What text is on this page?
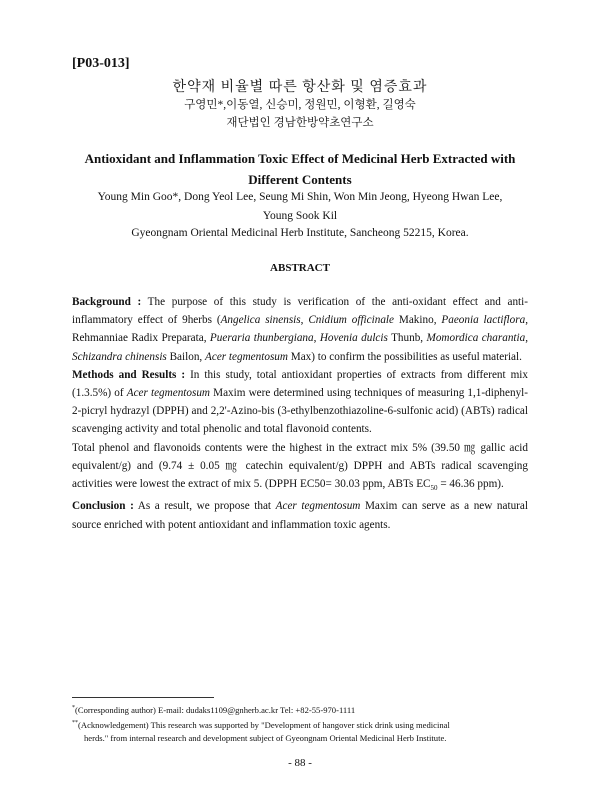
[P03-013]
한약재 비율별 따른 항산화 및 염증효과
구영민*,이동열, 신승미, 정원민, 이형환, 길영숙
재단법인 경남한방약초연구소
Antioxidant and Inflammation Toxic Effect of Medicinal Herb Extracted with
Different Contents
Young Min Goo*, Dong Yeol Lee, Seung Mi Shin, Won Min Jeong, Hyeong Hwan Lee,
Young Sook Kil
Gyeongnam Oriental Medicinal Herb Institute, Sancheong 52215, Korea.
ABSTRACT

Background : The purpose of this study is verification of the anti-oxidant effect and anti-inflammatory effect of 9herbs (Angelica sinensis, Cnidium officinale Makino, Paeonia lactiflora, Rehmanniae Radix Preparata, Pueraria thunbergiana, Hovenia dulcis Thunb, Momordica charantia, Schizandra chinensis Bailon, Acer tegmentosum Max) to confirm the possibilities as useful material.

Methods and Results : In this study, total antioxidant properties of extracts from different mix (1.3.5%) of Acer tegmentosum Maxim were determined using techniques of measuring 1,1-diphenyl-2-picryl hydrazyl (DPPH) and 2,2'-Azino-bis (3-ethylbenzothiazoline-6-sulfonic acid) (ABTs) radical scavenging activity and total phenolic and total flavonoid contents.

Total phenol and flavonoids contents were the highest in the extract mix 5% (39.50 ㎎ gallic acid equivalent/g) and (9.74 ± 0.05 ㎎ catechin equivalent/g) DPPH and ABTs radical scavenging activities were lowest the extract of mix 5. (DPPH EC50= 30.03 ppm, ABTs $EC_{50} = 46.36$ ppm).

Conclusion : As a result, we propose that Acer tegmentosum Maxim can serve as a new natural source enriched with potent antioxidant and inflammation toxic agents.

*(Corresponding author) E-mail: dudaks1109@gnherb.ac.kr Tel: +82-55-970-1111

**(Acknowledgement) This research was supported by "Development of hangover stick drink using medicinal

herds." from internal research and development subject of Gyeongnam Oriental Medicinal Herb Institute.

- 88 -
